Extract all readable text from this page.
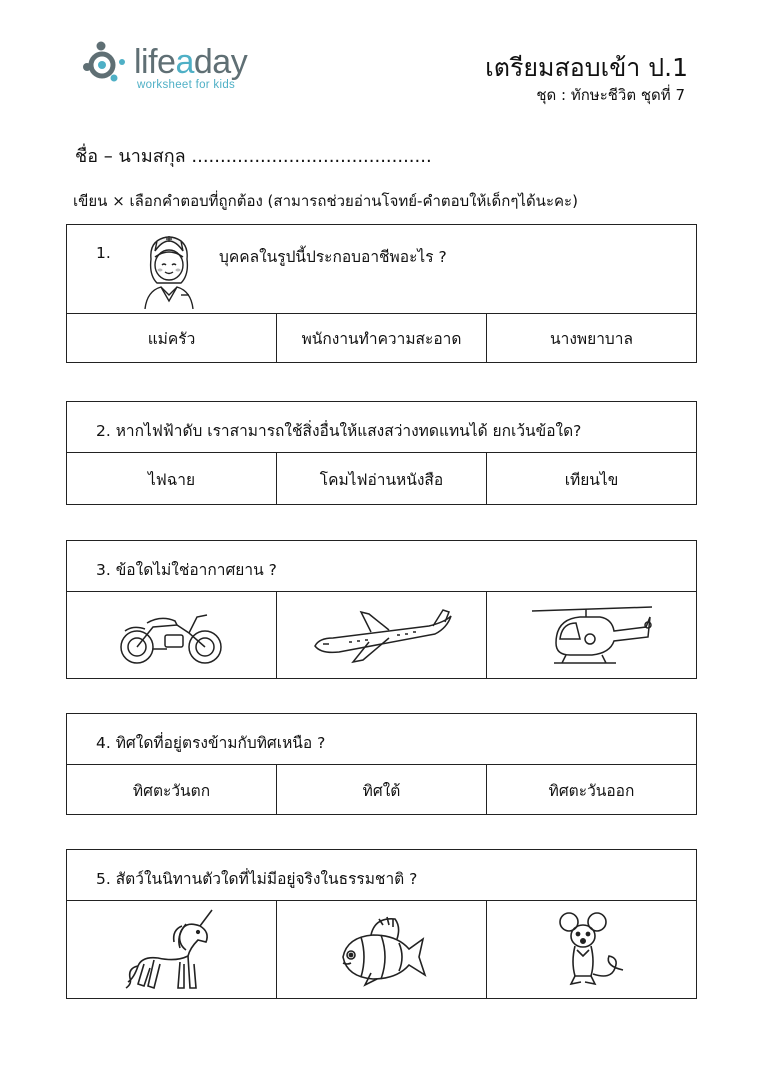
lifeaday
worksheet for kids
เตรียมสอบเข้า ป.1
ชุด : ทักษะชีวิต ชุดที่ 7
ชื่อ – นามสกุล ..........................................
เขียน × เลือกคำตอบที่ถูกต้อง (สามารถช่วยอ่านโจทย์-คำตอบให้เด็กๆได้นะคะ)
1.	บุคคลในรูปนี้ประกอบอาชีพอะไร ?
แม่ครัว	พนักงานทำความสะอาด	นางพยาบาล
2. หากไฟฟ้าดับ เราสามารถใช้สิ่งอื่นให้แสงสว่างทดแทนได้ ยกเว้นข้อใด?
ไฟฉาย	โคมไฟอ่านหนังสือ	เทียนไข
3. ข้อใดไม่ใช่อากาศยาน ?
4. ทิศใดที่อยู่ตรงข้ามกับทิศเหนือ ?
ทิศตะวันตก	ทิศใต้	ทิศตะวันออก
5. สัตว์ในนิทานตัวใดที่ไม่มีอยู่จริงในธรรมชาติ ?
